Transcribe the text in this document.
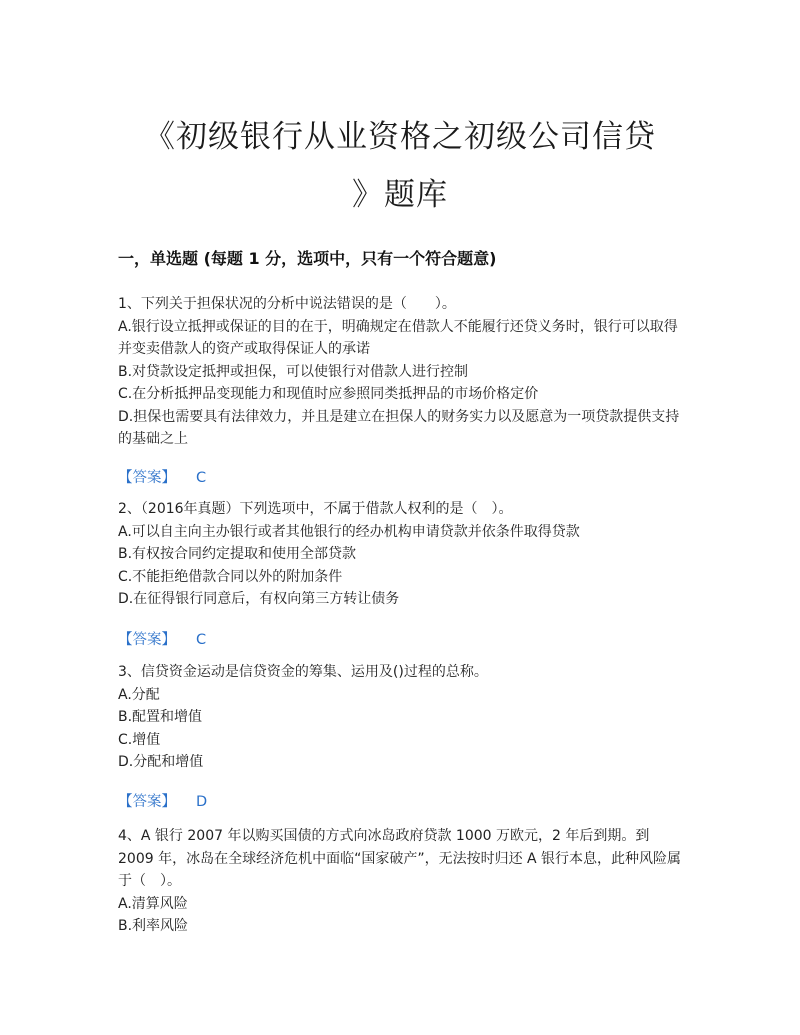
《初级银行从业资格之初级公司信贷
》题库
一，单选题 (每题 1 分，选项中，只有一个符合题意)

1、下列关于担保状况的分析中说法错误的是（　　）。

A.银行设立抵押或保证的目的在于，明确规定在借款人不能履行还贷义务时，银行可以取得并变卖借款人的资产或取得保证人的承诺

B.对贷款设定抵押或担保，可以使银行对借款人进行控制

C.在分析抵押品变现能力和现值时应参照同类抵押品的市场价格定价

D.担保也需要具有法律效力，并且是建立在担保人的财务实力以及愿意为一项贷款提供支持的基础之上

【答案】 C

2、（2016年真题）下列选项中，不属于借款人权利的是（　）。

A.可以自主向主办银行或者其他银行的经办机构申请贷款并依条件取得贷款

B.有权按合同约定提取和使用全部贷款

C.不能拒绝借款合同以外的附加条件

D.在征得银行同意后，有权向第三方转让债务

【答案】 C

3、信贷资金运动是信贷资金的筹集、运用及()过程的总称。

A.分配

B.配置和增值

C.增值

D.分配和增值

【答案】 D

4、A 银行 2007 年以购买国债的方式向冰岛政府贷款 1000 万欧元，2 年后到期。到 2009 年，冰岛在全球经济危机中面临“国家破产”，无法按时归还 A 银行本息，此种风险属于（　）。

A.清算风险

B.利率风险
